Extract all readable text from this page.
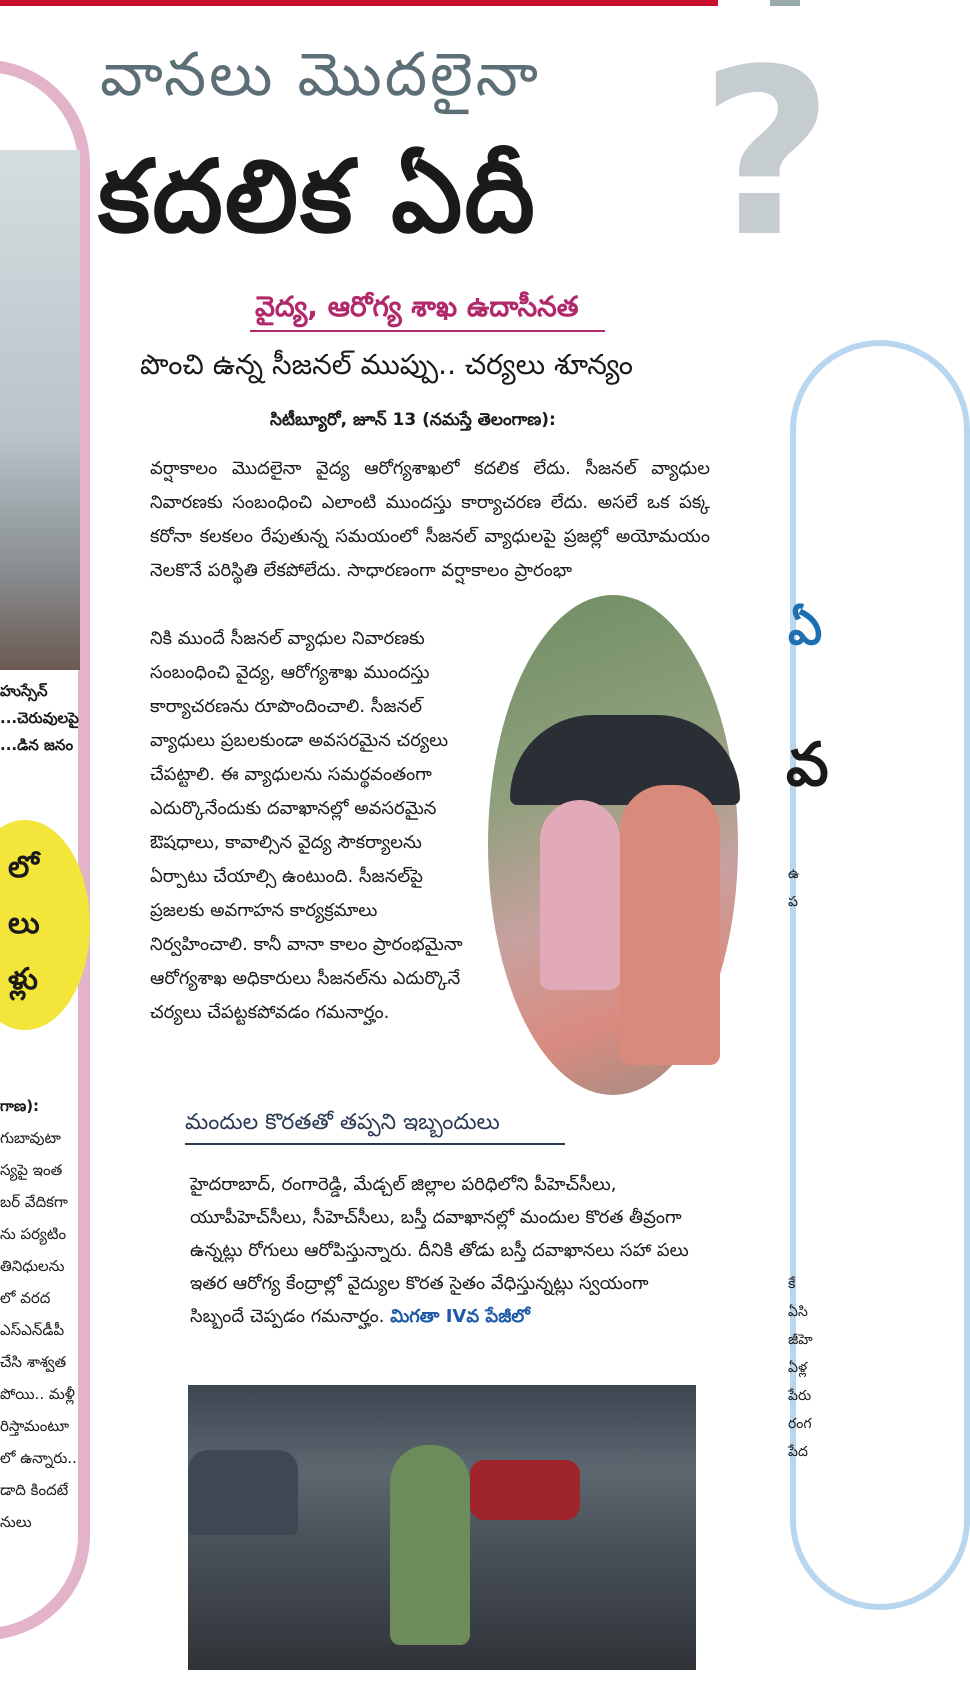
హుస్సేన్ ...చెరువులపై ...డిన జనం
లో
లు
ళ్లు
గాణ):
గుబావుటా
స్యపై ఇంత
బర్ వేదికగా
ను పర్యటిం
తినిధులను
లో వరద
ఎస్ఎన్‌డీపీ
చేసి శాశ్వత
పోయి.. మళ్లీ
రిస్తామంటూ
లో ఉన్నారు..
డాది కిందటే
నులు
ఏ
వ
ఉ
ప
కే
ఏసి
జీహె
ఏళ్ల
పేరు
రంగ
పేద
?
వానలు మొదలైనా
కదలిక ఏదీ
వైద్య, ఆరోగ్య శాఖ ఉదాసీనత
పొంచి ఉన్న సీజనల్ ముప్పు.. చర్యలు శూన్యం
సిటీబ్యూరో, జూన్ 13 (నమస్తే తెలంగాణ):
వర్షాకాలం మొదలైనా వైద్య ఆరోగ్యశాఖలో కదలిక లేదు. సీజనల్ వ్యాధుల నివారణకు సంబంధించి ఎలాంటి ముందస్తు కార్యాచరణ లేదు. అసలే ఒక పక్క కరోనా కలకలం రేపుతున్న సమయంలో సీజనల్ వ్యాధులపై ప్రజల్లో అయోమయం నెలకొనే పరిస్థితి లేకపోలేదు. సాధారణంగా వర్షాకాలం ప్రారంభా
నికి ముందే సీజనల్ వ్యాధుల నివారణకు సంబంధించి వైద్య, ఆరోగ్యశాఖ ముందస్తు కార్యాచరణను రూపొందించాలి. సీజనల్ వ్యాధులు ప్రబలకుండా అవసరమైన చర్యలు చేపట్టాలి. ఈ వ్యాధులను సమర్థవంతంగా ఎదుర్కొనేందుకు దవాఖానల్లో అవసరమైన ఔషధాలు, కావాల్సిన వైద్య సౌకర్యాలను ఏర్పాటు చేయాల్సి ఉంటుంది. సీజనల్‌పై ప్రజలకు అవగాహన కార్యక్రమాలు నిర్వహించాలి. కానీ వానా కాలం ప్రారంభమైనా ఆరోగ్యశాఖ అధికారులు సీజనల్‌ను ఎదుర్కొనే చర్యలు చేపట్టకపోవడం గమనార్హం.
మందుల కొరతతో తప్పని ఇబ్బందులు
హైదరాబాద్, రంగారెడ్డి, మేడ్చల్ జిల్లాల పరిధిలోని పీహెచ్‌సీలు, యూపీహెచ్‌సీలు, సీహెచ్‌సీలు, బస్తీ దవాఖానల్లో మందుల కొరత తీవ్రంగా ఉన్నట్లు రోగులు ఆరోపిస్తున్నారు. దీనికి తోడు బస్తీ దవాఖానలు సహా పలు ఇతర ఆరోగ్య కేంద్రాల్లో వైద్యుల కొరత సైతం వేధిస్తున్నట్లు స్వయంగా సిబ్బందే చెప్పడం గమనార్హం. మిగతా IVవ పేజీలో
